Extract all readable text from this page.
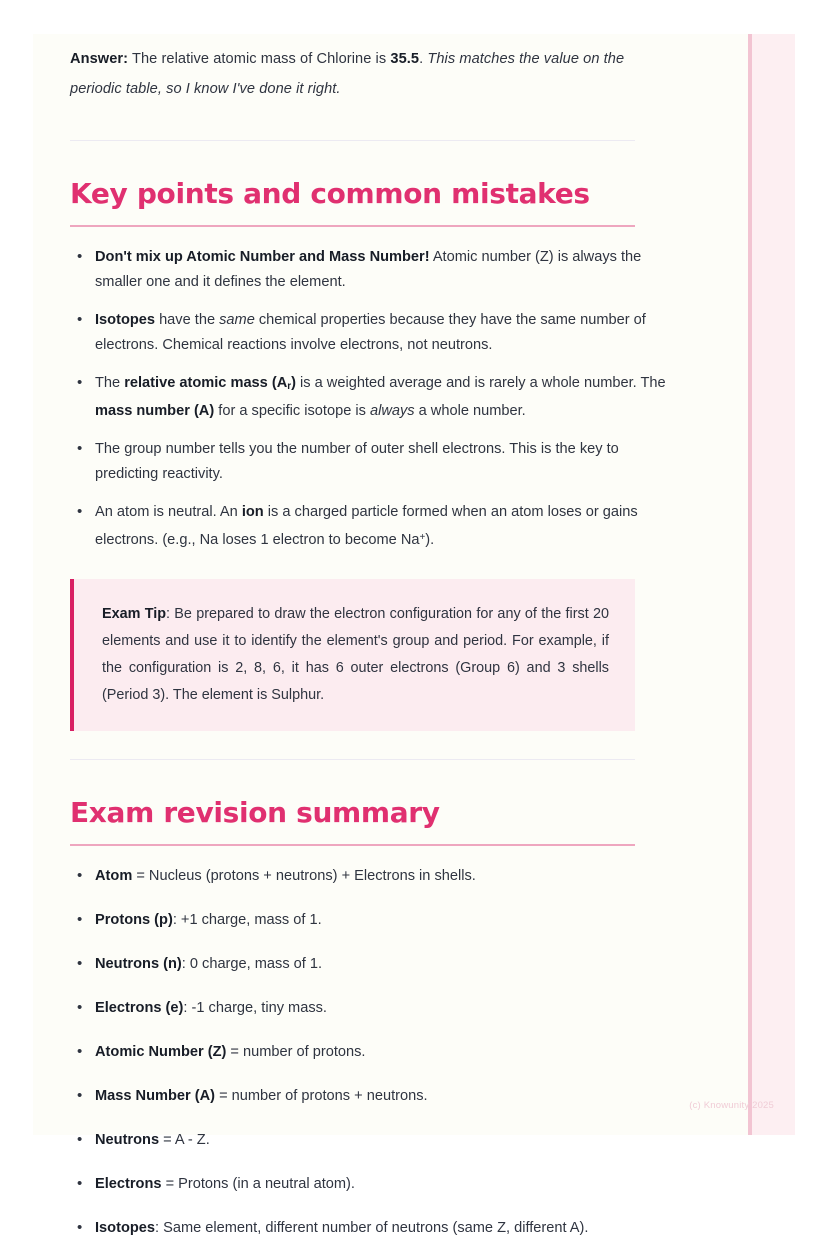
Answer: The relative atomic mass of Chlorine is 35.5. This matches the value on the periodic table, so I know I've done it right.

Key points and common mistakes
• Don't mix up Atomic Number and Mass Number! Atomic number (Z) is always the smaller one and it defines the element.
• Isotopes have the same chemical properties because they have the same number of electrons. Chemical reactions involve electrons, not neutrons.
• The relative atomic mass $(A_r)$ is a weighted average and is rarely a whole number. The mass number (A) for a specific isotope is always a whole number.
• The group number tells you the number of outer shell electrons. This is the key to predicting reactivity.
• An atom is neutral. An ion is a charged particle formed when an atom loses or gains electrons. (e.g., Na loses 1 electron to become Na+).

Exam Tip: Be prepared to draw the electron configuration for any of the first 20 elements and use it to identify the element's group and period. For example, if the configuration is 2, 8, 6, it has 6 outer electrons (Group 6) and 3 shells (Period 3). The element is Sulphur.

Exam revision summary
• Atom = Nucleus (protons + neutrons) + Electrons in shells.
• Protons (p): +1 charge, mass of 1.
• Neutrons (n): 0 charge, mass of 1.
• Electrons (e): -1 charge, tiny mass.
• Atomic Number (Z) = number of protons.
• Mass Number (A) = number of protons + neutrons.
• Neutrons = A - Z.
• Electrons = Protons (in a neutral atom).
• Isotopes: Same element, different number of neutrons (same Z, different A).
(c) Knowunity 2025
